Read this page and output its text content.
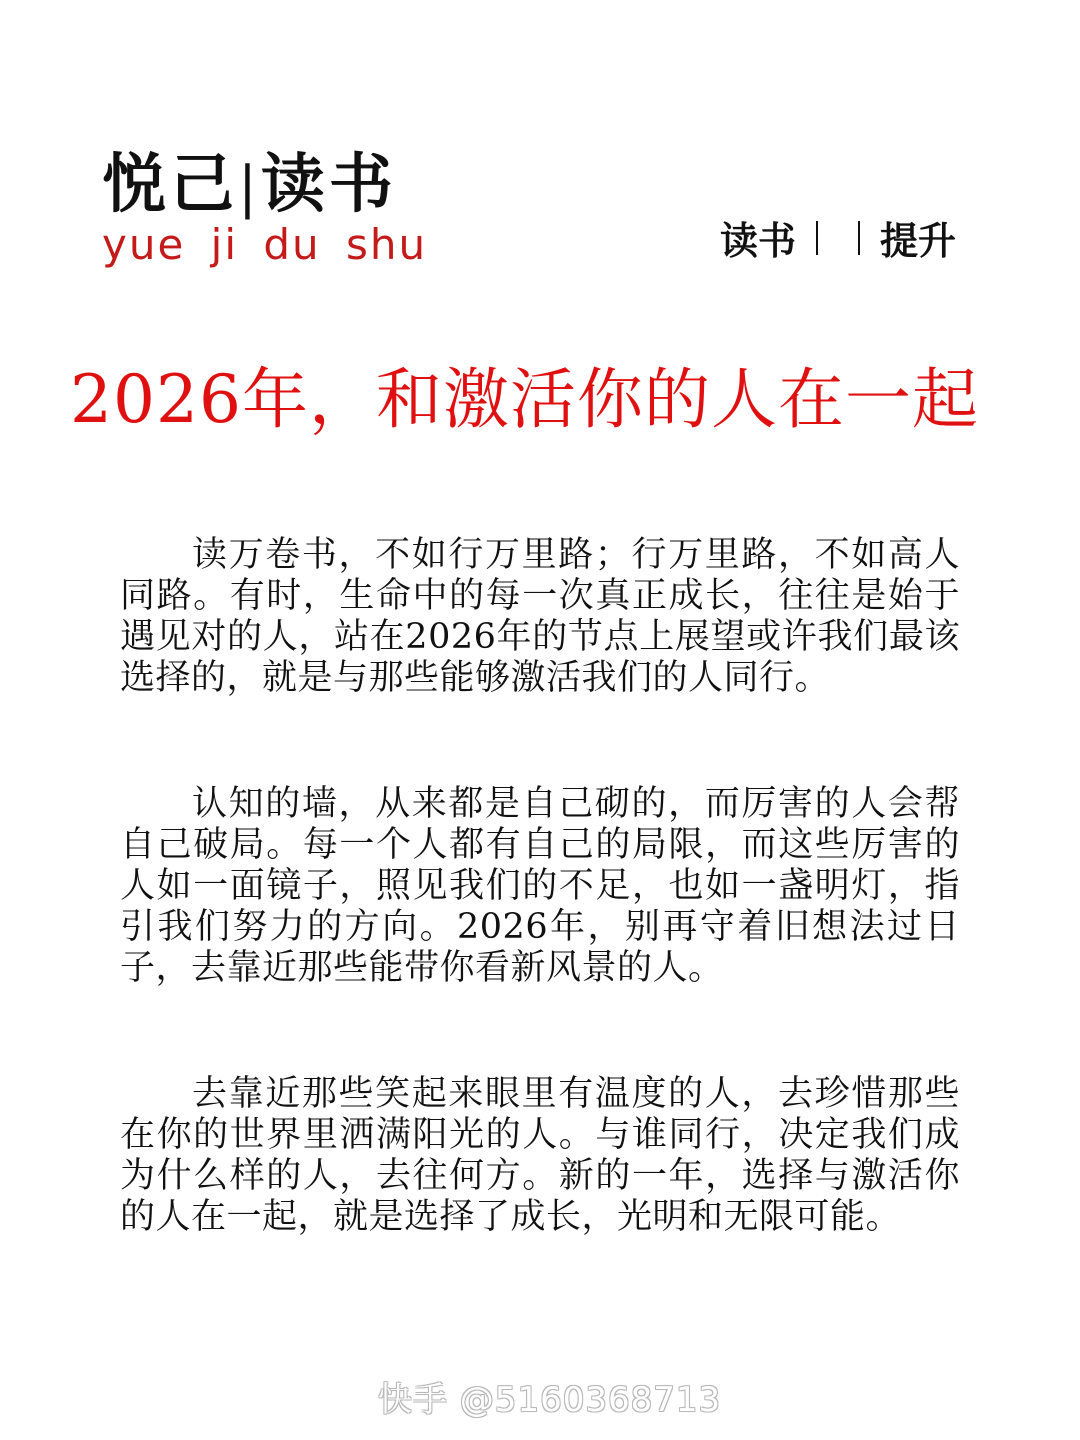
悦己|读书
yue ji du shu	读书 提升
2026年，和激活你的人在一起

读万卷书，不如行万里路；行万里路，不如高人同路。有时，生命中的每一次真正成长，往往是始于遇见对的人，站在2026年的节点上展望或许我们最该选择的，就是与那些能够激活我们的人同行。

认知的墙，从来都是自己砌的，而厉害的人会帮自己破局。每一个人都有自己的局限，而这些厉害的人如一面镜子，照见我们的不足，也如一盏明灯，指引我们努力的方向。2026年，别再守着旧想法过日子，去靠近那些能带你看新风景的人。

去靠近那些笑起来眼里有温度的人，去珍惜那些在你的世界里洒满阳光的人。与谁同行，决定我们成为什么样的人，去往何方。新的一年，选择与激活你的人在一起，就是选择了成长，光明和无限可能。

快手 @5160368713
